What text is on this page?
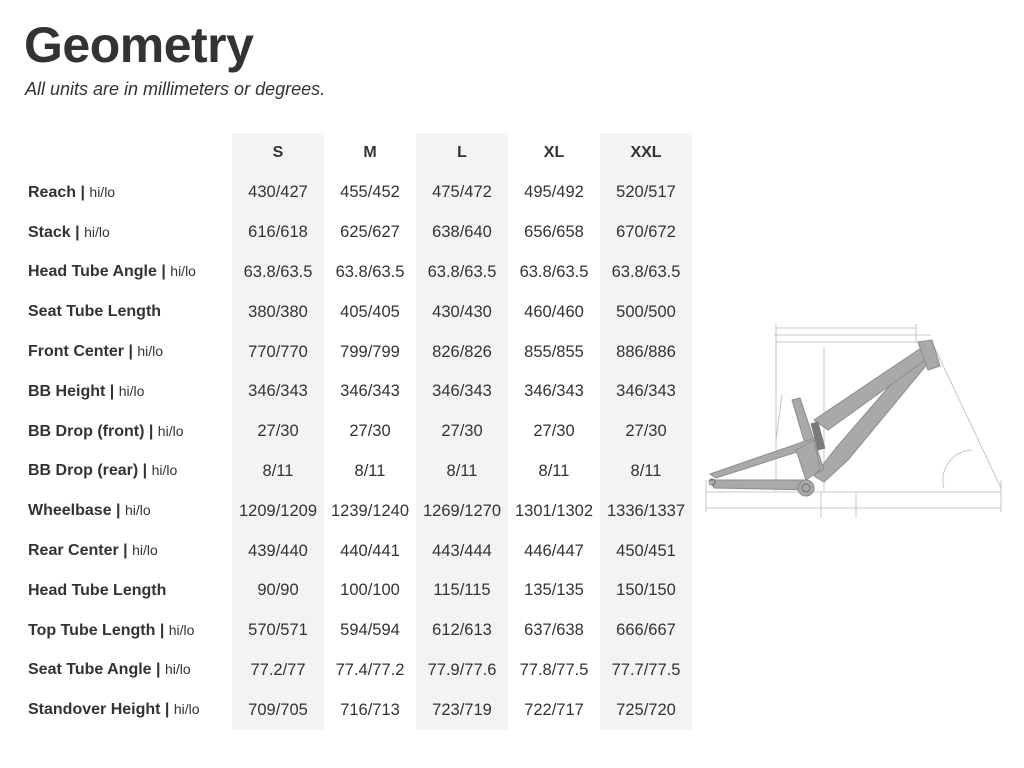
Geometry
All units are in millimeters or degrees.
	S	M	L	XL	XXL
Reach | hi/lo	430/427	455/452	475/472	495/492	520/517
Stack | hi/lo	616/618	625/627	638/640	656/658	670/672
Head Tube Angle | hi/lo	63.8/63.5	63.8/63.5	63.8/63.5	63.8/63.5	63.8/63.5
Seat Tube Length	380/380	405/405	430/430	460/460	500/500
Front Center | hi/lo	770/770	799/799	826/826	855/855	886/886
BB Height | hi/lo	346/343	346/343	346/343	346/343	346/343
BB Drop (front) | hi/lo	27/30	27/30	27/30	27/30	27/30
BB Drop (rear) | hi/lo	8/11	8/11	8/11	8/11	8/11
Wheelbase | hi/lo	1209/1209	1239/1240	1269/1270	1301/1302	1336/1337
Rear Center | hi/lo	439/440	440/441	443/444	446/447	450/451
Head Tube Length	90/90	100/100	115/115	135/135	150/150
Top Tube Length | hi/lo	570/571	594/594	612/613	637/638	666/667
Seat Tube Angle | hi/lo	77.2/77	77.4/77.2	77.9/77.6	77.8/77.5	77.7/77.5
Standover Height | hi/lo	709/705	716/713	723/719	722/717	725/720
